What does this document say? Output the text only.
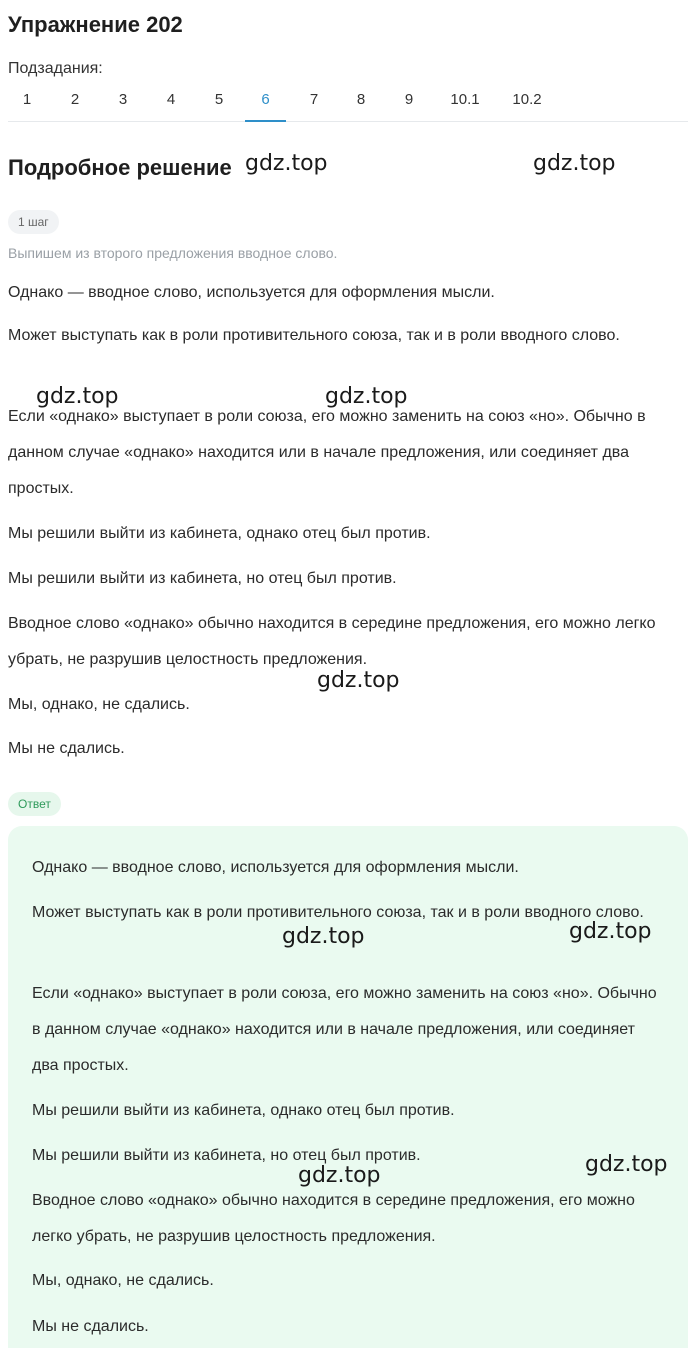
Упражнение 202
Подзадания:
1	2	3	4	5	6	7	8	9	10.1 10.2
Подробное решение
1 шаг
Выпишем из второго предложения вводное слово.
Однако — вводное слово, используется для оформления мысли.
Может выступать как в роли противительного союза, так и в роли вводного слово.
Если «однако» выступает в роли союза, его можно заменить на союз «но». Обычно в данном случае «однако» находится или в начале предложения, или соединяет два простых.
Мы решили выйти из кабинета, однако отец был против.
Мы решили выйти из кабинета, но отец был против.
Вводное слово «однако» обычно находится в середине предложения, его можно легко убрать, не разрушив целостность предложения.
Мы, однако, не сдались.
Мы не сдались.
Ответ
Однако — вводное слово, используется для оформления мысли.
Может выступать как в роли противительного союза, так и в роли вводного слово.
Если «однако» выступает в роли союза, его можно заменить на союз «но». Обычно в данном случае «однако» находится или в начале предложения, или соединяет два простых.
Мы решили выйти из кабинета, однако отец был против.
Мы решили выйти из кабинета, но отец был против.
Вводное слово «однако» обычно находится в середине предложения, его можно легко убрать, не разрушив целостность предложения.
Мы, однако, не сдались.
Мы не сдались.
gdz.top	gdz.top
gdz.top	gdz.top
gdz.top
gdz.top	gdz.top
gdz.top	gdz.top
